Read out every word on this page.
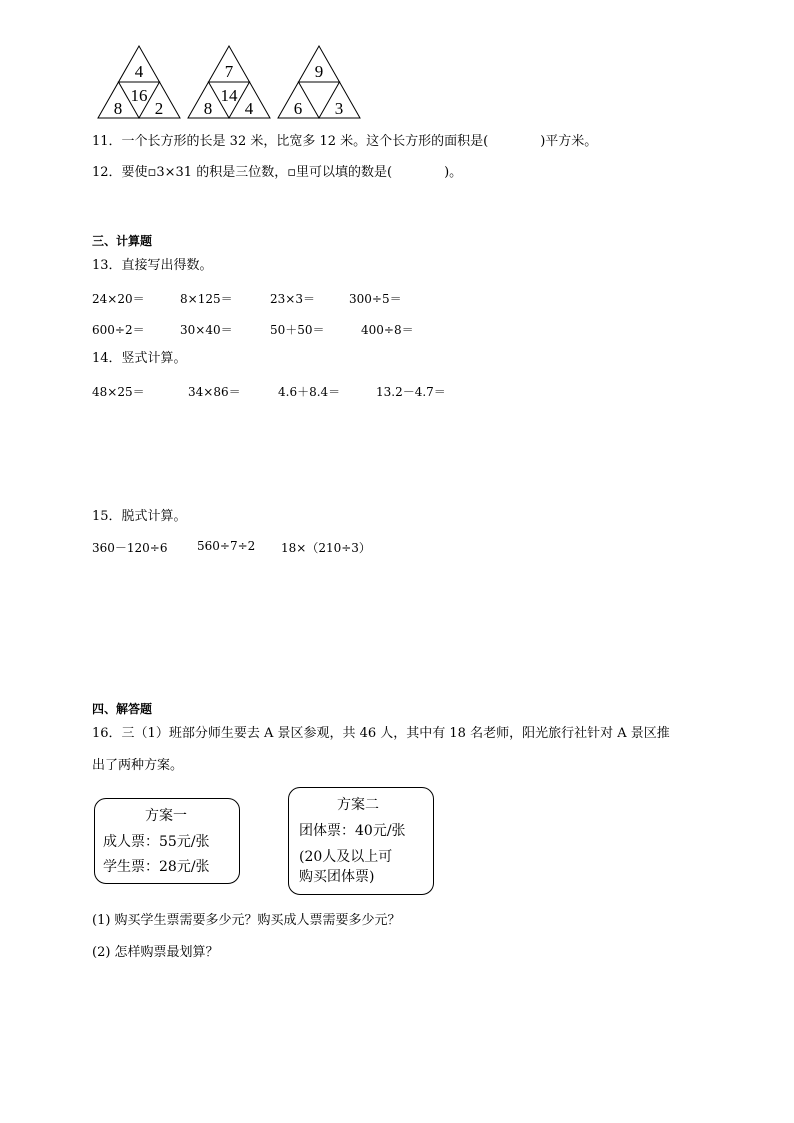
4
16
8 2
7
14
8 4
9
6 3
11．一个长方形的长是 32 米，比宽多 12 米。这个长方形的面积是(　　　　)平方米。
12．要使▫3×31 的积是三位数，▫里可以填的数是(　　　　)。
三、计算题
13．直接写出得数。
24×20＝	8×125＝	23×3＝	300÷5＝
600÷2＝	30×40＝	50＋50＝	400÷8＝
14．竖式计算。
48×25＝	34×86＝	4.6＋8.4＝	13.2－4.7＝
15．脱式计算。
360－120÷6 560÷7÷2 18×（210÷3）
四、解答题
16．三（1）班部分师生要去 A 景区参观，共 46 人，其中有 18 名老师，阳光旅行社针对 A 景区推
出了两种方案。
方案一
成人票：55元/张
学生票：28元/张
方案二
团体票：40元/张
(20人及以上可
购买团体票)
(1) 购买学生票需要多少元？购买成人票需要多少元？
(2) 怎样购票最划算？
